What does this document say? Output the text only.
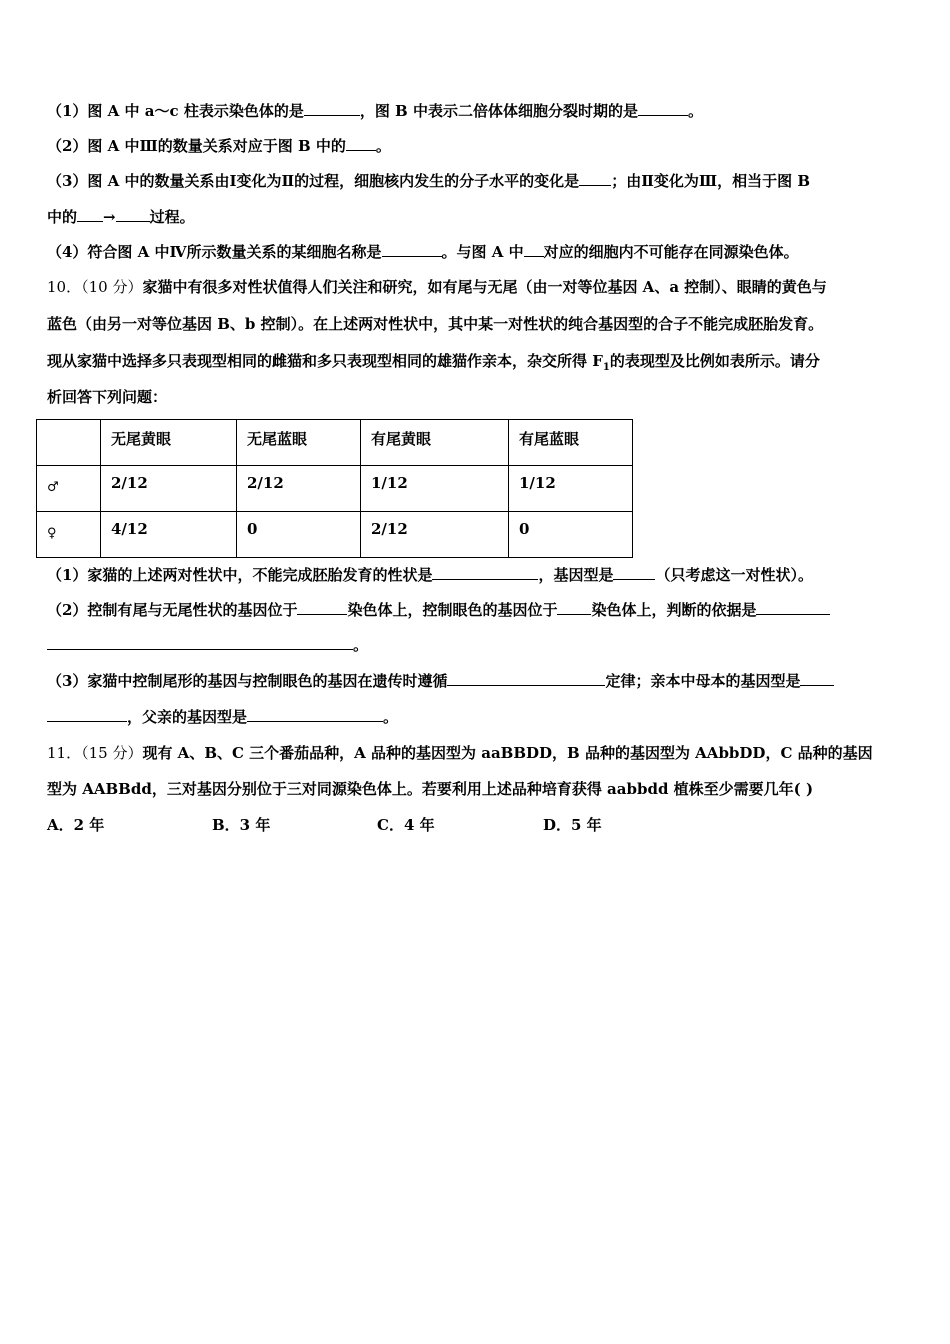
（1）图 A 中 a～c 柱表示染色体的是	，图 B 中表示二倍体体细胞分裂时期的是	。
（2）图 A 中Ⅲ的数量关系对应于图 B 中的 。
（3）图 A 中的数量关系由Ⅰ变化为Ⅱ的过程，细胞核内发生的分子水平的变化是 ；由Ⅱ变化为Ⅲ，相当于图 B
中的 → 过程。
（4）符合图 A 中Ⅳ所示数量关系的某细胞名称是	。与图 A 中 对应的细胞内不可能存在同源染色体。
10．（10 分）家猫中有很多对性状值得人们关注和研究，如有尾与无尾（由一对等位基因 A、a 控制）、眼睛的黄色与
蓝色（由另一对等位基因 B、b 控制）。在上述两对性状中，其中某一对性状的纯合基因型的合子不能完成胚胎发育。
现从家猫中选择多只表现型相同的雌猫和多只表现型相同的雄猫作亲本，杂交所得 $F_1$的表现型及比例如表所示。请分
析回答下列问题：
	无尾黄眼	无尾蓝眼	有尾黄眼	有尾蓝眼
♂	2/12	2/12	1/12	1/12
♀	4/12	0	2/12	0
（1）家猫的上述两对性状中，不能完成胚胎发育的性状是	，基因型是	（只考虑这一对性状）。
（2）控制有尾与无尾性状的基因位于	染色体上，控制眼色的基因位于 染色体上，判断的依据是
。
（3）家猫中控制尾形的基因与控制眼色的基因在遗传时遵循	定律；亲本中母本的基因型是
，父亲的基因型是	。
11．（15 分）现有 A、B、C 三个番茄品种，A 品种的基因型为 aaBBDD，B 品种的基因型为 AAbbDD，C 品种的基因
型为 AABBdd，三对基因分别位于三对同源染色体上。若要利用上述品种培育获得 aabbdd 植株至少需要几年( )
A．2 年	B．3 年	C．4 年	D．5 年
